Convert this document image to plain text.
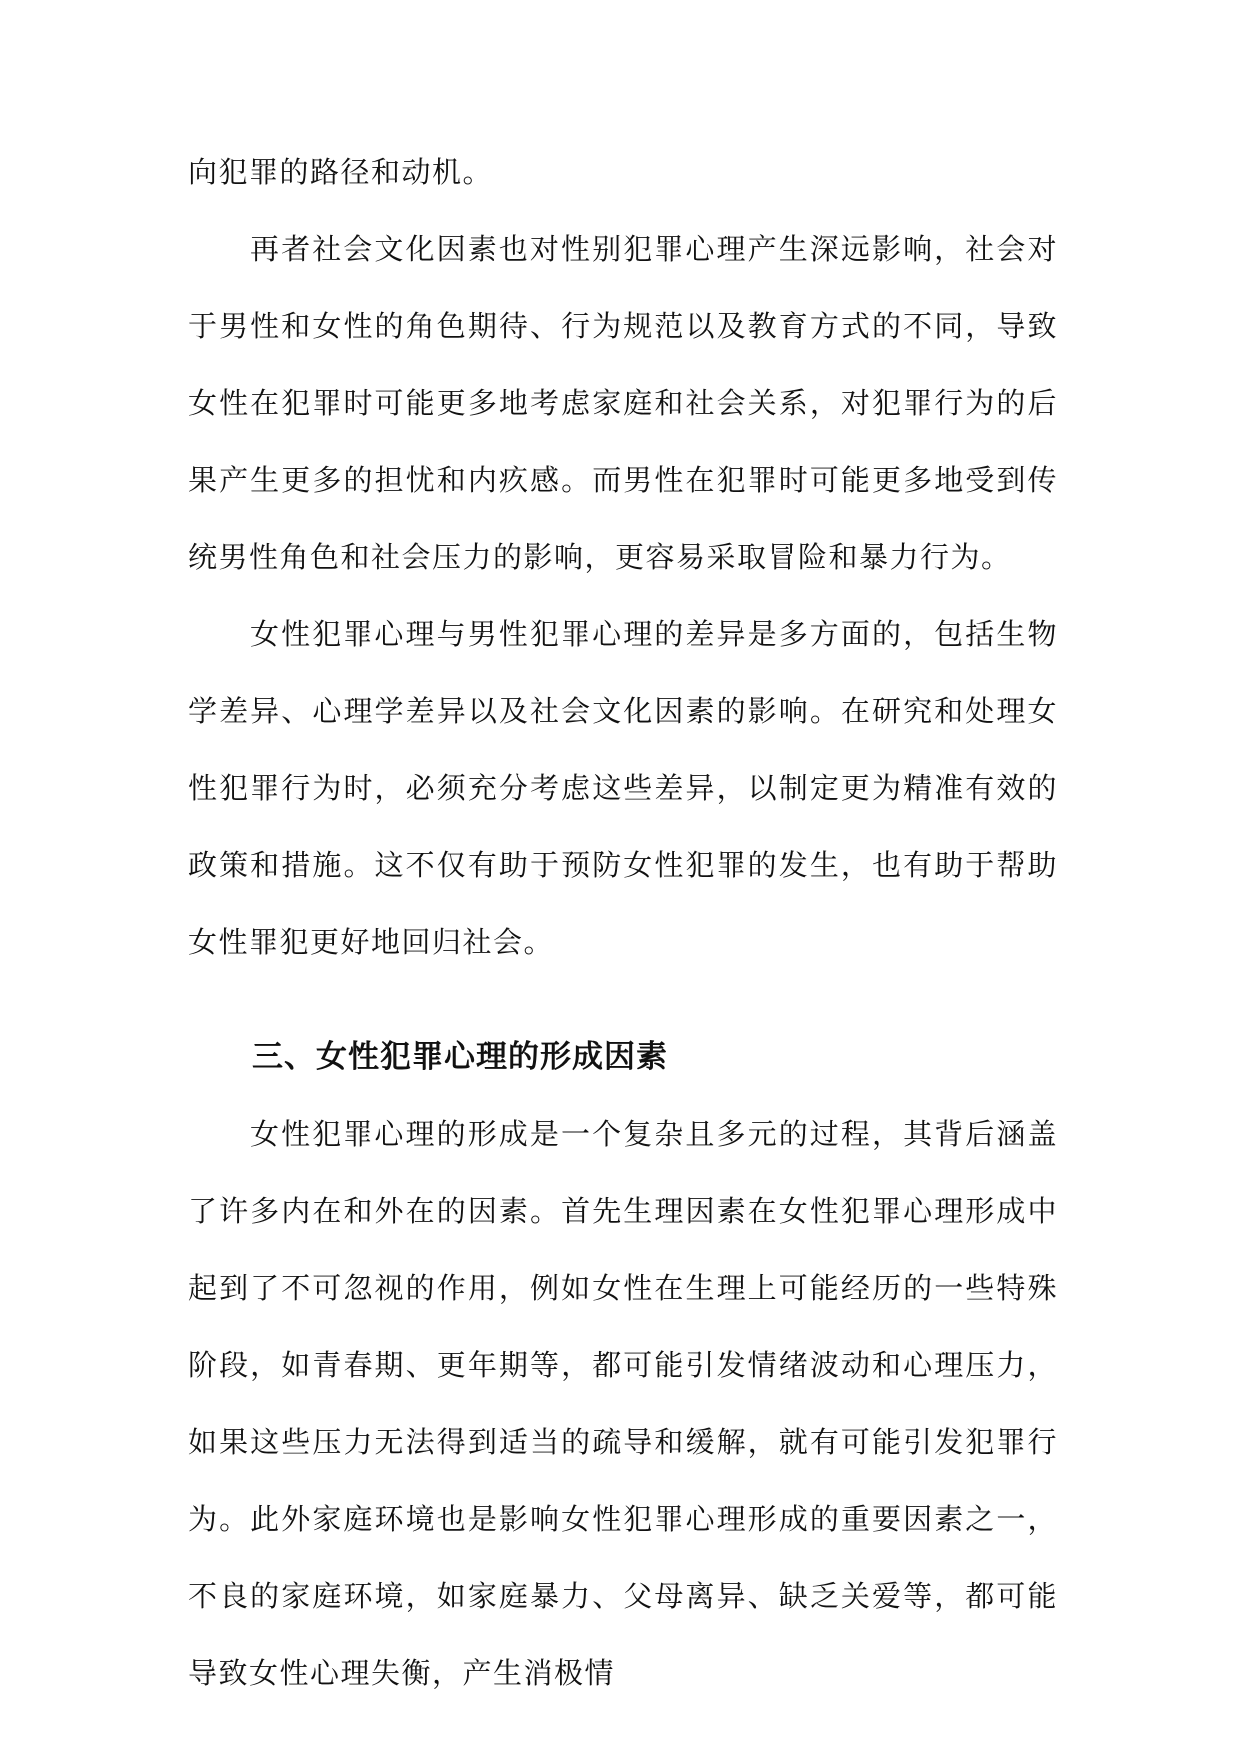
向犯罪的路径和动机。

再者社会文化因素也对性别犯罪心理产生深远影响，社会对于男性和女性的角色期待、行为规范以及教育方式的不同，导致女性在犯罪时可能更多地考虑家庭和社会关系，对犯罪行为的后果产生更多的担忧和内疚感。而男性在犯罪时可能更多地受到传统男性角色和社会压力的影响，更容易采取冒险和暴力行为。

女性犯罪心理与男性犯罪心理的差异是多方面的，包括生物学差异、心理学差异以及社会文化因素的影响。在研究和处理女性犯罪行为时，必须充分考虑这些差异，以制定更为精准有效的政策和措施。这不仅有助于预防女性犯罪的发生，也有助于帮助女性罪犯更好地回归社会。

三、女性犯罪心理的形成因素

女性犯罪心理的形成是一个复杂且多元的过程，其背后涵盖了许多内在和外在的因素。首先生理因素在女性犯罪心理形成中起到了不可忽视的作用，例如女性在生理上可能经历的一些特殊阶段，如青春期、更年期等，都可能引发情绪波动和心理压力，如果这些压力无法得到适当的疏导和缓解，就有可能引发犯罪行为。此外家庭环境也是影响女性犯罪心理形成的重要因素之一，不良的家庭环境，如家庭暴力、父母离异、缺乏关爱等，都可能导致女性心理失衡，产生消极情
